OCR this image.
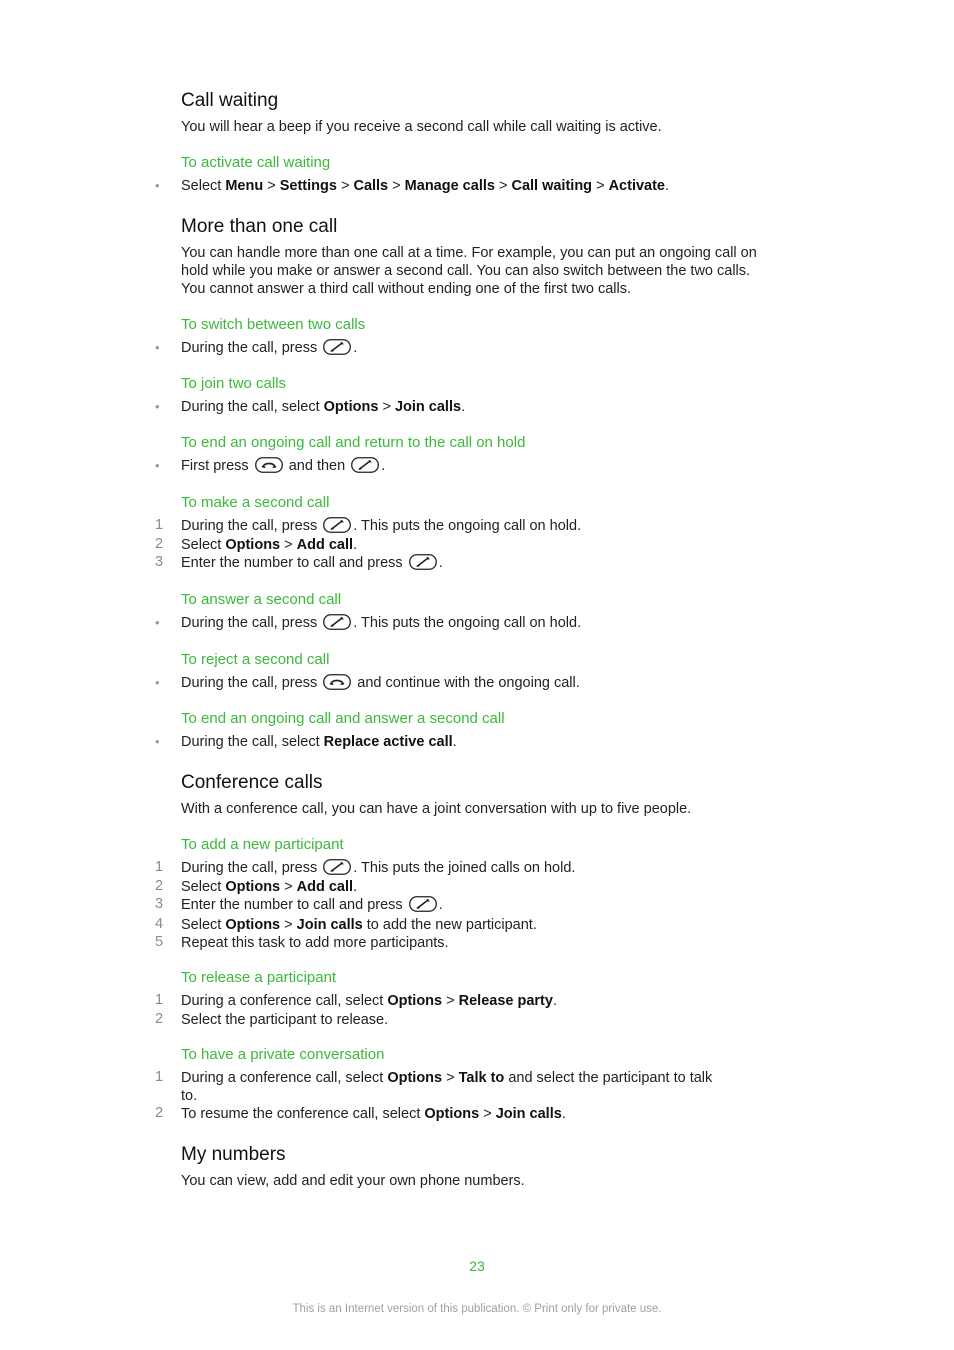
Call waiting
You will hear a beep if you receive a second call while call waiting is active.
To activate call waiting
• Select Menu > Settings > Calls > Manage calls > Call waiting > Activate.
More than one call
You can handle more than one call at a time. For example, you can put an ongoing call on
hold while you make or answer a second call. You can also switch between the two calls.
You cannot answer a third call without ending one of the first two calls.
To switch between two calls
• During the call, press .
To join two calls
• During the call, select Options > Join calls.
To end an ongoing call and return to the call on hold
• First press	and then .
To make a second call
1 During the call, press . This puts the ongoing call on hold.
2 Select Options > Add call.
3 Enter the number to call and press .
To answer a second call
• During the call, press . This puts the ongoing call on hold.
To reject a second call
• During the call, press	and continue with the ongoing call.
To end an ongoing call and answer a second call
• During the call, select Replace active call.
Conference calls
With a conference call, you can have a joint conversation with up to five people.
To add a new participant
1 During the call, press . This puts the joined calls on hold.
2 Select Options > Add call.
3 Enter the number to call and press .
4 Select Options > Join calls to add the new participant.
5 Repeat this task to add more participants.
To release a participant
1 During a conference call, select Options > Release party.
2 Select the participant to release.
To have a private conversation
1 During a conference call, select Options > Talk to and select the participant to talk
to.
2 To resume the conference call, select Options > Join calls.
My numbers
You can view, add and edit your own phone numbers.
23
This is an Internet version of this publication. © Print only for private use.
